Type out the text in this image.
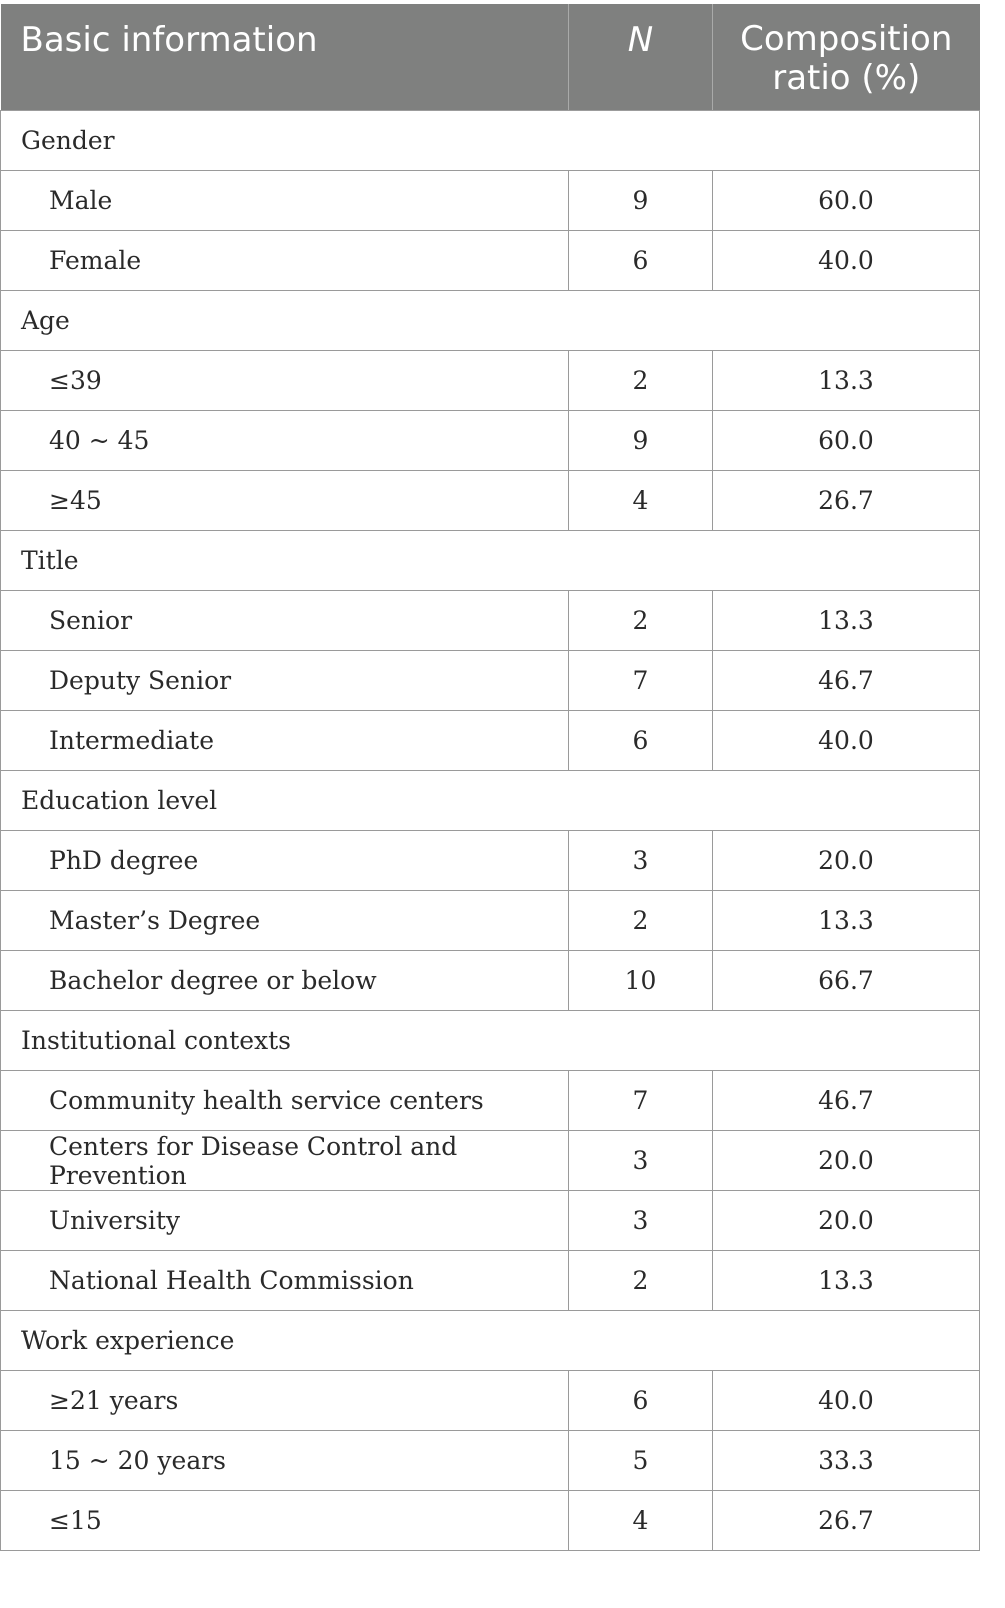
Basic information	N	Composition ratio (%)
Gender		
Male	9	60.0
Female	6	40.0
Age		
≤39	2	13.3
40 ~ 45	9	60.0
≥45	4	26.7
Title		
Senior	2	13.3
Deputy Senior	7	46.7
Intermediate	6	40.0
Education level		
PhD degree	3	20.0
Master’s Degree	2	13.3
Bachelor degree or below	10	66.7
Institutional contexts		
Community health service centers	7	46.7
Centers for Disease Control and Prevention	3	20.0
University	3	20.0
National Health Commission	2	13.3
Work experience		
≥21 years	6	40.0
15 ~ 20 years	5	33.3
≤15	4	26.7
